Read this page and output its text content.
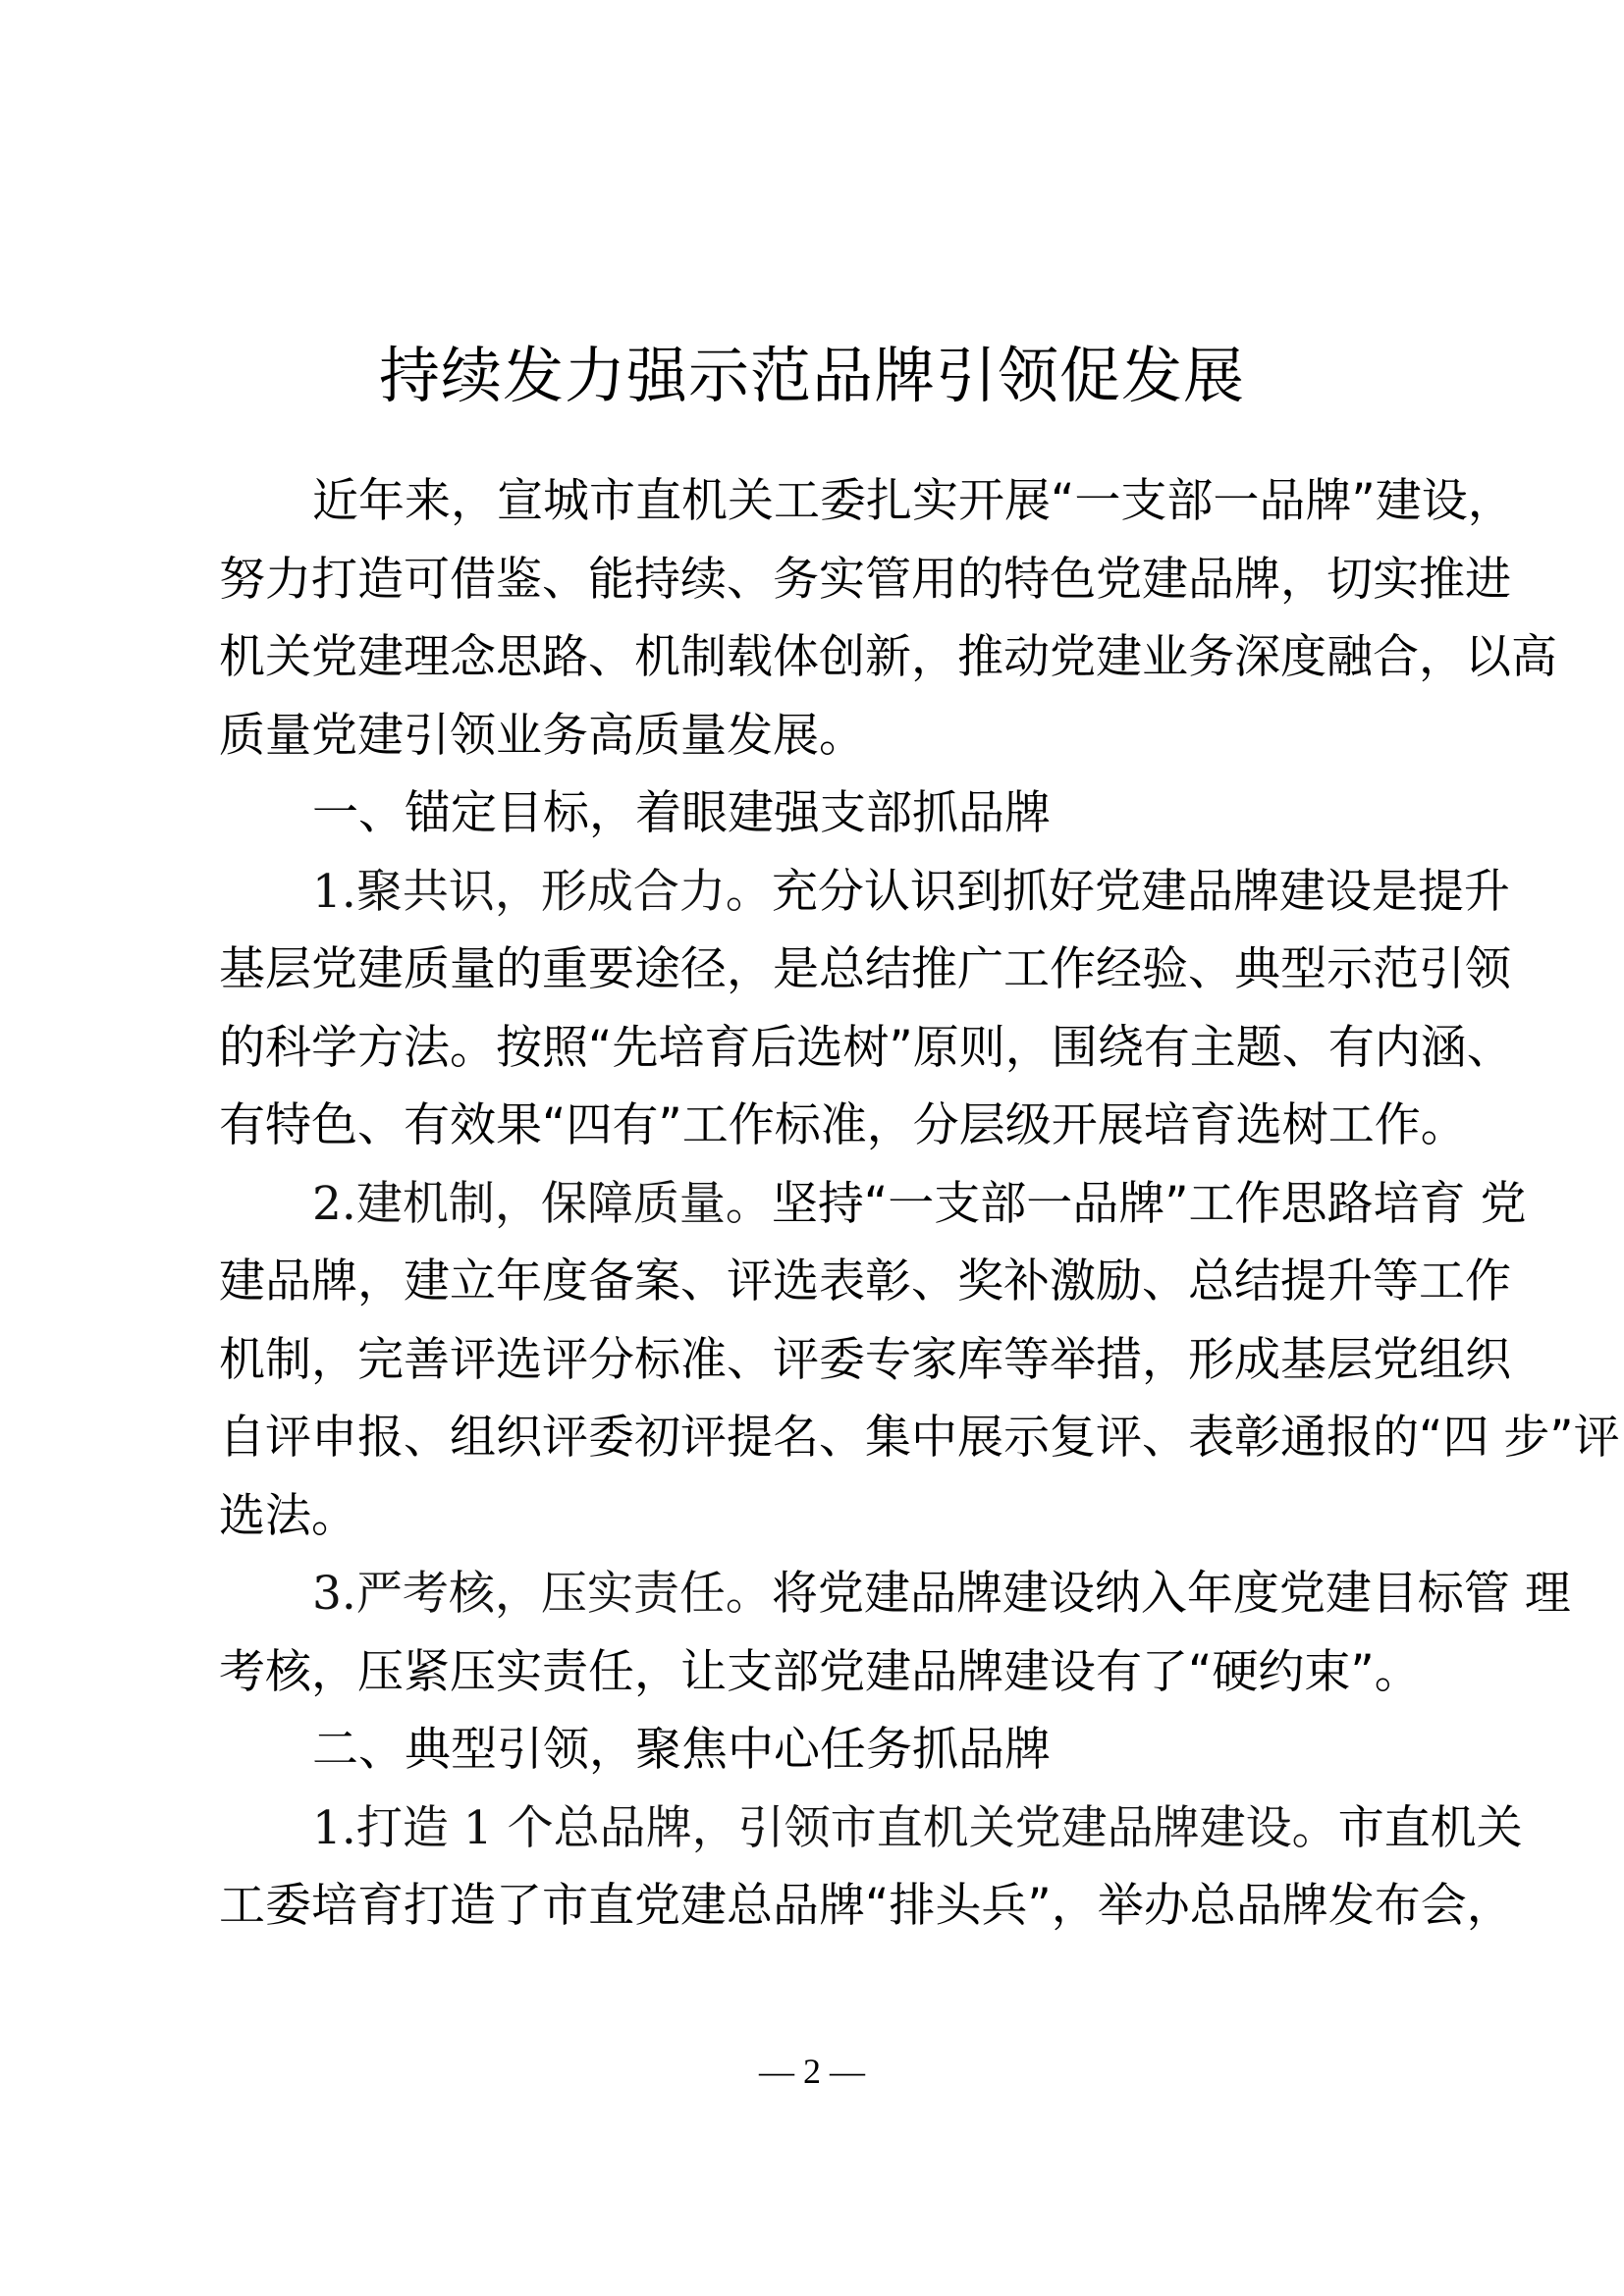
持续发力强示范品牌引领促发展
近年来，宣城市直机关工委扎实开展“一支部一品牌”建设，
努力打造可借鉴、能持续、务实管用的特色党建品牌，切实推进
机关党建理念思路、机制载体创新，推动党建业务深度融合，以高
质量党建引领业务高质量发展。
一、锚定目标，着眼建强支部抓品牌
1.聚共识，形成合力。充分认识到抓好党建品牌建设是提升
基层党建质量的重要途径，是总结推广工作经验、典型示范引领
的科学方法。按照“先培育后选树”原则，围绕有主题、有内涵、
有特色、有效果“四有”工作标准，分层级开展培育选树工作。
2.建机制，保障质量。坚持“一支部一品牌”工作思路培育 党
建品牌，建立年度备案、评选表彰、奖补激励、总结提升等工作
机制，完善评选评分标准、评委专家库等举措，形成基层党组织
自评申报、组织评委初评提名、集中展示复评、表彰通报的“四 步”评
选法。
3.严考核，压实责任。将党建品牌建设纳入年度党建目标管 理
考核，压紧压实责任，让支部党建品牌建设有了“硬约束”。
二、典型引领，聚焦中心任务抓品牌
1.打造 1 个总品牌，引领市直机关党建品牌建设。市直机关
工委培育打造了市直党建总品牌“排头兵”，举办总品牌发布会，
— 2 —
